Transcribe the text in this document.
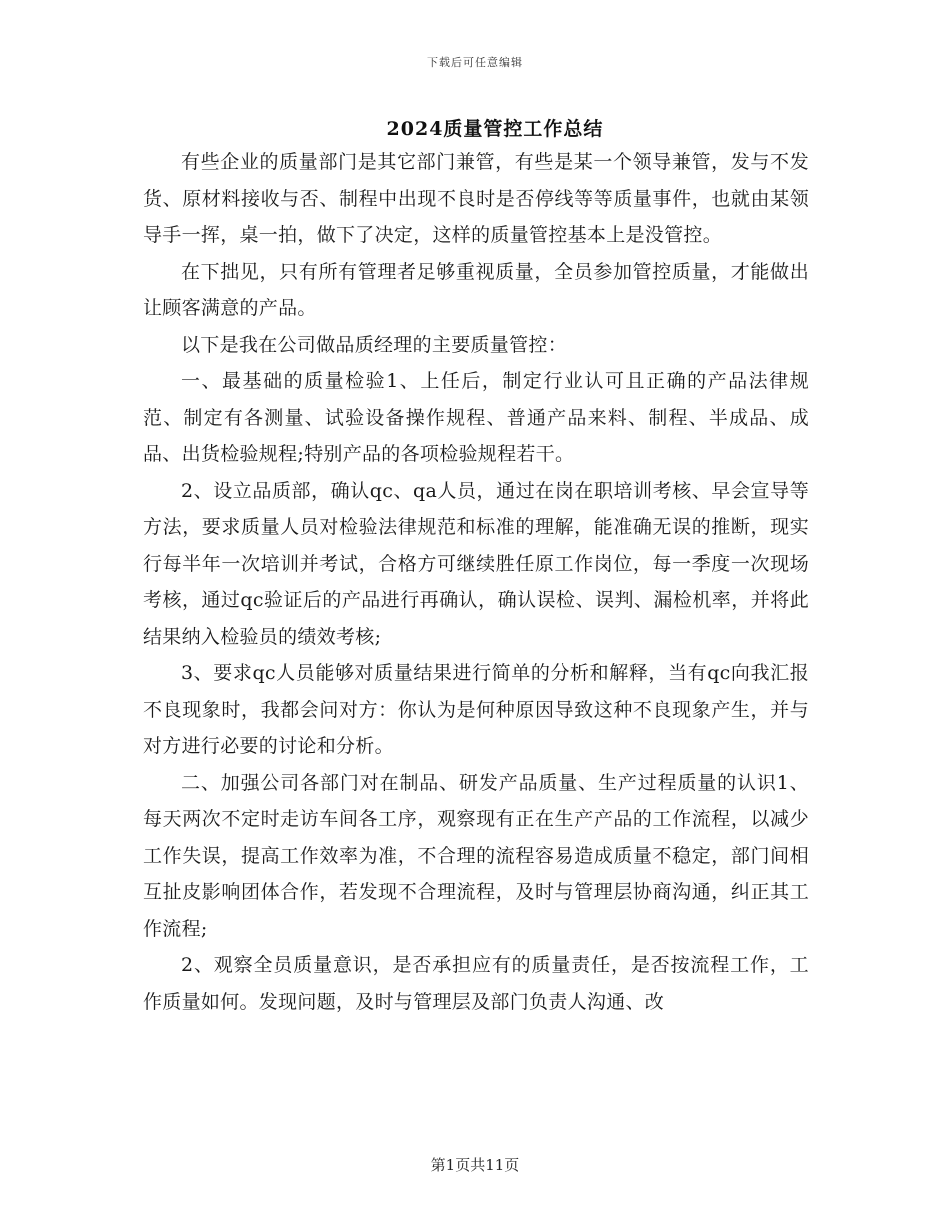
下载后可任意编辑
2024质量管控工作总结

有些企业的质量部门是其它部门兼管，有些是某一个领导兼管，发与不发货、原材料接收与否、制程中出现不良时是否停线等等质量事件，也就由某领导手一挥，桌一拍，做下了决定，这样的质量管控基本上是没管控。

在下拙见，只有所有管理者足够重视质量，全员参加管控质量，才能做出让顾客满意的产品。

以下是我在公司做品质经理的主要质量管控：

一、最基础的质量检验1、上任后，制定行业认可且正确的产品法律规范、制定有各测量、试验设备操作规程、普通产品来料、制程、半成品、成品、出货检验规程;特别产品的各项检验规程若干。

2、设立品质部，确认qc、qa人员，通过在岗在职培训考核、早会宣导等方法，要求质量人员对检验法律规范和标准的理解，能准确无误的推断，现实行每半年一次培训并考试，合格方可继续胜任原工作岗位，每一季度一次现场考核，通过qc验证后的产品进行再确认，确认误检、误判、漏检机率，并将此结果纳入检验员的绩效考核;

3、要求qc人员能够对质量结果进行简单的分析和解释，当有qc向我汇报不良现象时，我都会问对方：你认为是何种原因导致这种不良现象产生，并与对方进行必要的讨论和分析。

二、加强公司各部门对在制品、研发产品质量、生产过程质量的认识1、每天两次不定时走访车间各工序，观察现有正在生产产品的工作流程，以减少工作失误，提高工作效率为准，不合理的流程容易造成质量不稳定，部门间相互扯皮影响团体合作，若发现不合理流程，及时与管理层协商沟通，纠正其工作流程;

2、观察全员质量意识，是否承担应有的质量责任，是否按流程工作，工作质量如何。发现问题，及时与管理层及部门负责人沟通、改

第1页共11页
